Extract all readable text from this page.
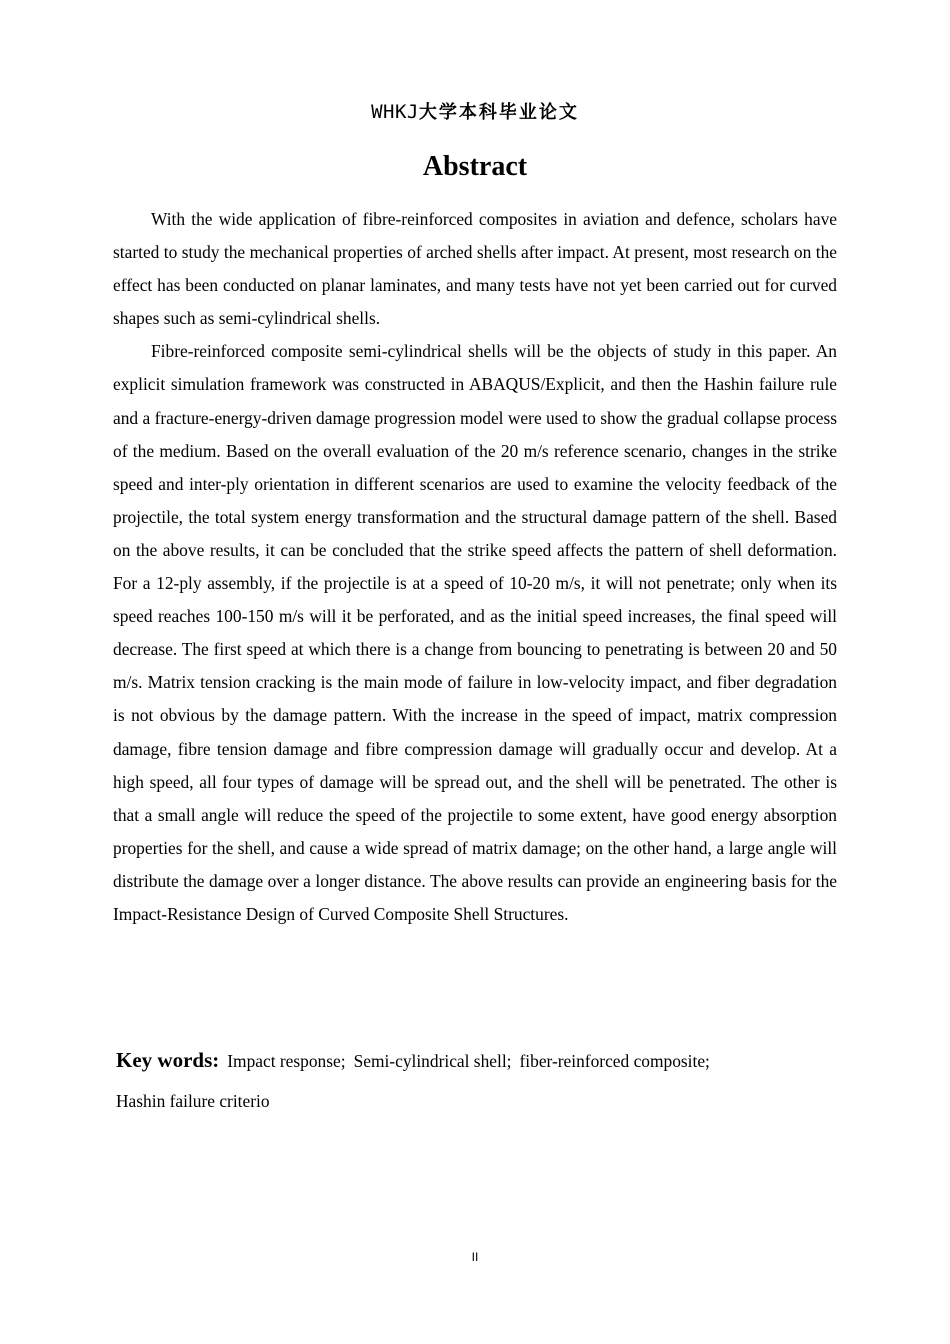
WHKJ大学本科毕业论文
Abstract

With the wide application of fibre-reinforced composites in aviation and defence, scholars have started to study the mechanical properties of arched shells after impact. At present, most research on the effect has been conducted on planar laminates, and many tests have not yet been carried out for curved shapes such as semi-cylindrical shells.

Fibre-reinforced composite semi-cylindrical shells will be the objects of study in this paper. An explicit simulation framework was constructed in ABAQUS/Explicit, and then the Hashin failure rule and a fracture-energy-driven damage progression model were used to show the gradual collapse process of the medium. Based on the overall evaluation of the 20 m/s reference scenario, changes in the strike speed and inter-ply orientation in different scenarios are used to examine the velocity feedback of the projectile, the total system energy transformation and the structural damage pattern of the shell. Based on the above results, it can be concluded that the strike speed affects the pattern of shell deformation. For a 12-ply assembly, if the projectile is at a speed of 10-20 m/s, it will not penetrate; only when its speed reaches 100-150 m/s will it be perforated, and as the initial speed increases, the final speed will decrease. The first speed at which there is a change from bouncing to penetrating is between 20 and 50 m/s. Matrix tension cracking is the main mode of failure in low-velocity impact, and fiber degradation is not obvious by the damage pattern. With the increase in the speed of impact, matrix compression damage, fibre tension damage and fibre compression damage will gradually occur and develop. At a high speed, all four types of damage will be spread out, and the shell will be penetrated. The other is that a small angle will reduce the speed of the projectile to some extent, have good energy absorption properties for the shell, and cause a wide spread of matrix damage; on the other hand, a large angle will distribute the damage over a longer distance. The above results can provide an engineering basis for the Impact-Resistance Design of Curved Composite Shell Structures.

Key words: Impact response; Semi-cylindrical shell; fiber-reinforced composite;
Hashin failure criterio
II
